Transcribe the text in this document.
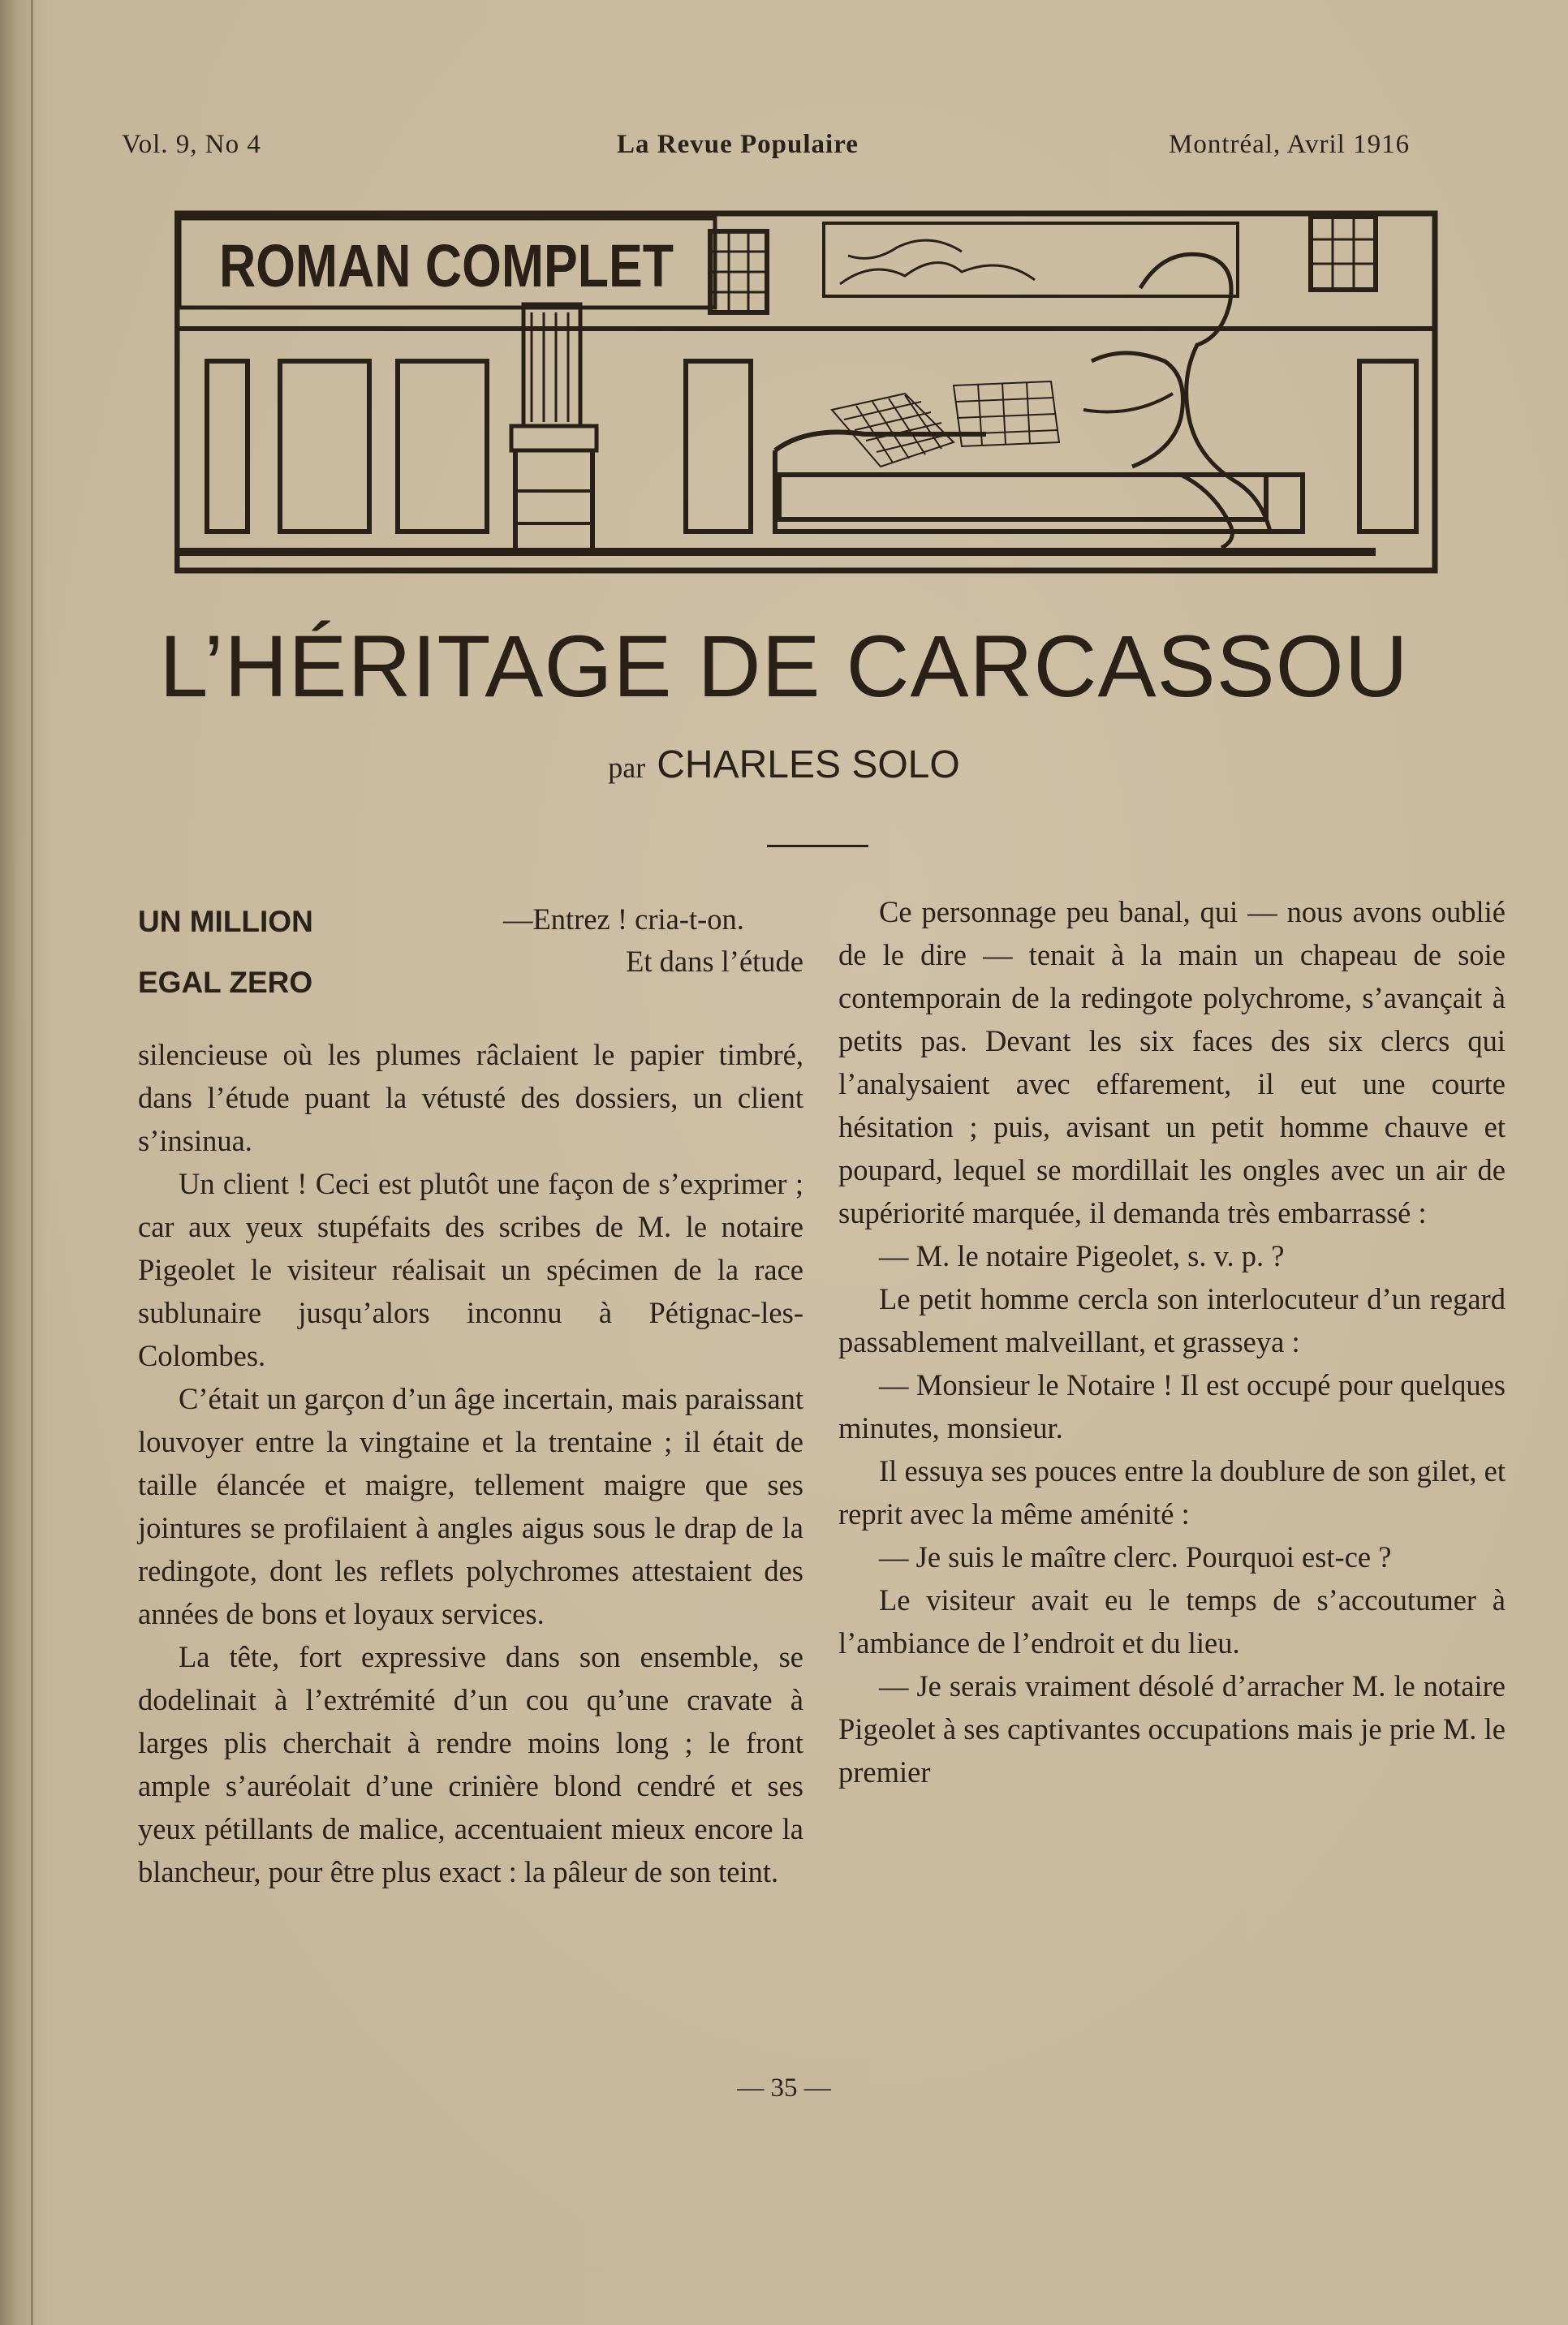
Vol. 9, No 4	La Revue Populaire	Montréal, Avril 1916
ROMAN COMPLET
L’HÉRITAGE DE CARCASSOU
par CHARLES SOLO
UN MILLION
EGAL ZERO

—Entrez ! cria-t-on.

Et dans l’étude

silencieuse où les plumes râclaient le papier timbré, dans l’étude puant la vétusté des dossiers, un client s’insinua.

Un client ! Ceci est plutôt une façon de s’exprimer ; car aux yeux stupéfaits des scribes de M. le notaire Pigeolet le visiteur réalisait un spécimen de la race sublunaire jusqu’alors inconnu à Pétignac-les-Colombes.

C’était un garçon d’un âge incertain, mais paraissant louvoyer entre la vingtaine et la trentaine ; il était de taille élancée et maigre, tellement maigre que ses jointures se profilaient à angles aigus sous le drap de la redingote, dont les reflets polychromes attestaient des années de bons et loyaux services.

La tête, fort expressive dans son ensemble, se dodelinait à l’extrémité d’un cou qu’une cravate à larges plis cherchait à rendre moins long ; le front ample s’auréolait d’une crinière blond cendré et ses yeux pétillants de malice, accentuaient mieux encore la blancheur, pour être plus exact : la pâleur de son teint.

Ce personnage peu banal, qui — nous avons oublié de le dire — tenait à la main un chapeau de soie contemporain de la redingote polychrome, s’avançait à petits pas. Devant les six faces des six clercs qui l’analysaient avec effarement, il eut une courte hésitation ; puis, avisant un petit homme chauve et poupard, lequel se mordillait les ongles avec un air de supériorité marquée, il demanda très embarrassé :

— M. le notaire Pigeolet, s. v. p. ?

Le petit homme cercla son interlocuteur d’un regard passablement malveillant, et grasseya :

— Monsieur le Notaire ! Il est occupé pour quelques minutes, monsieur.

Il essuya ses pouces entre la doublure de son gilet, et reprit avec la même aménité :

— Je suis le maître clerc. Pourquoi est-ce ?

Le visiteur avait eu le temps de s’accoutumer à l’ambiance de l’endroit et du lieu.

— Je serais vraiment désolé d’arracher M. le notaire Pigeolet à ses captivantes occupations mais je prie M. le premier

— 35 —
